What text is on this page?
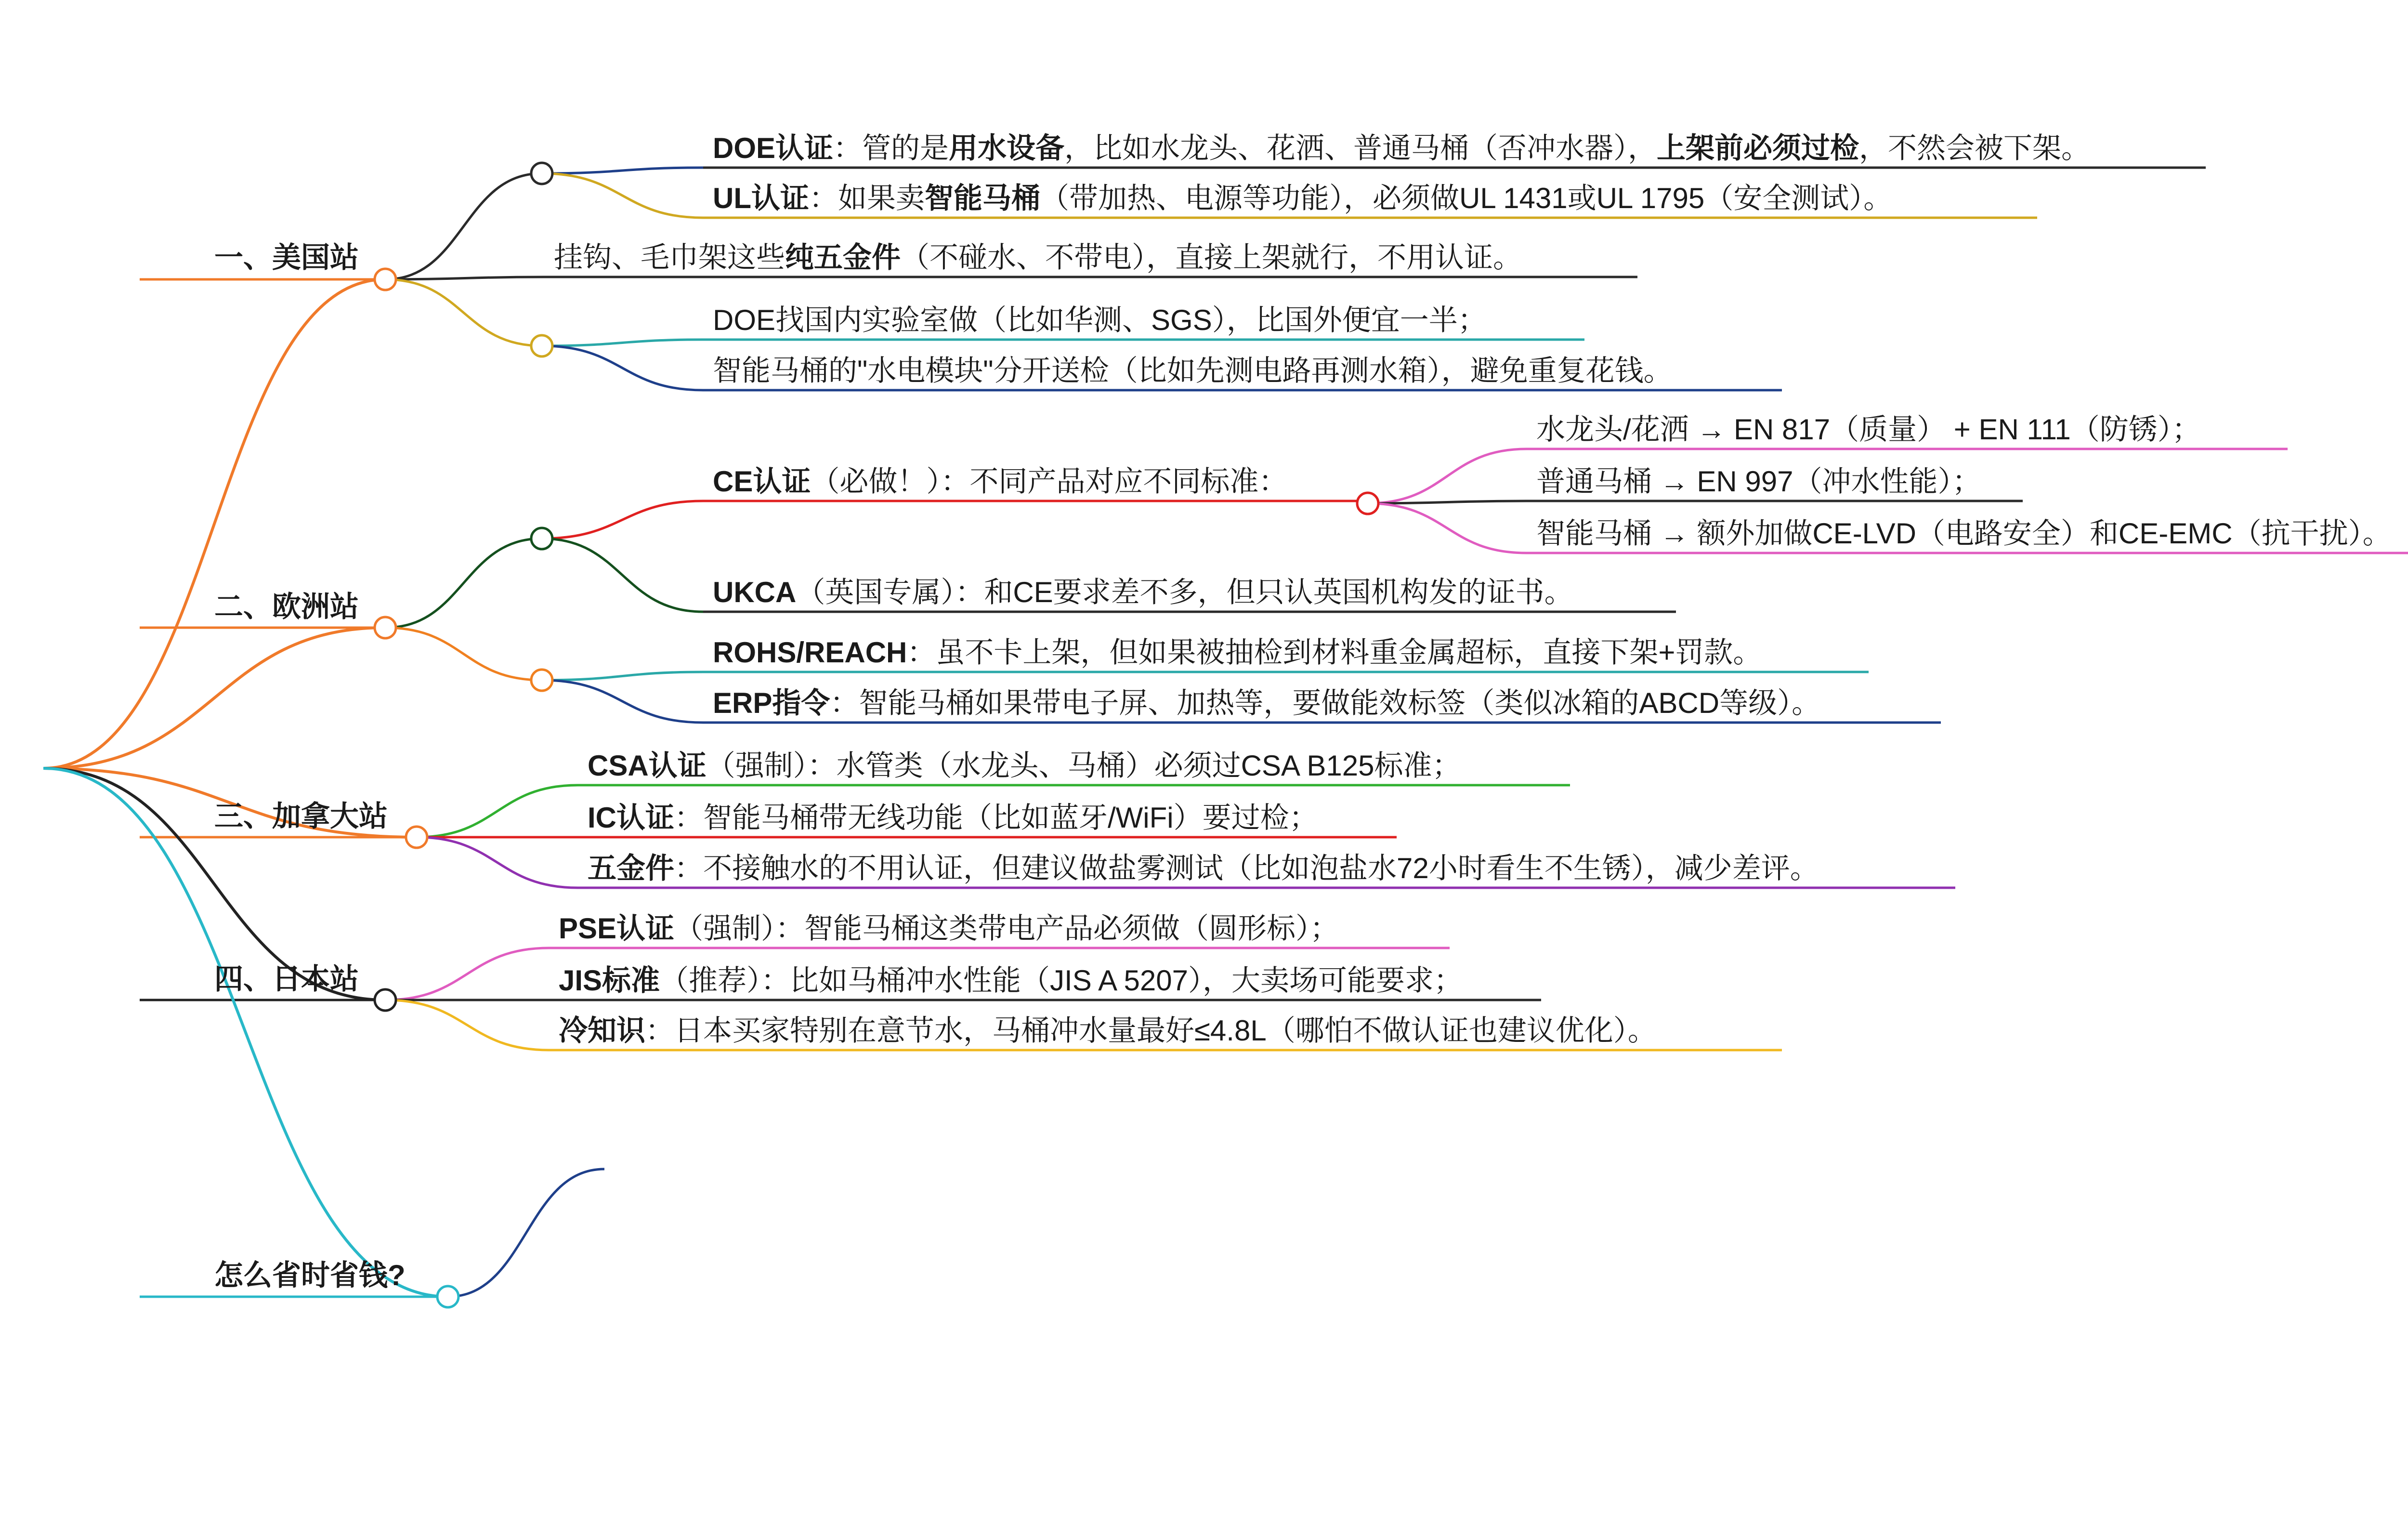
一、美国站
DOE认证：管的是用水设备，比如水龙头、花洒、普通马桶（否冲水器），上架前必须过检，不然会被下架。
UL认证：如果卖智能马桶（带加热、电源等功能），必须做UL 1431或UL 1795（安全测试）。
挂钩、毛巾架这些纯五金件（不碰水、不带电），直接上架就行，不用认证。
DOE找国内实验室做（比如华测、SGS），比国外便宜一半；
智能马桶的"水电模块"分开送检（比如先测电路再测水箱），避免重复花钱。
二、欧洲站
CE认证（必做！）：不同产品对应不同标准：
水龙头/花洒 → EN 817（质量） + EN 111（防锈）；
普通马桶 → EN 997（冲水性能）；
智能马桶 → 额外加做CE-LVD（电路安全）和CE-EMC（抗干扰）。
UKCA（英国专属）：和CE要求差不多，但只认英国机构发的证书。
ROHS/REACH：虽不卡上架，但如果被抽检到材料重金属超标，直接下架+罚款。
ERP指令：智能马桶如果带电子屏、加热等，要做能效标签（类似冰箱的ABCD等级）。
三、加拿大站
CSA认证（强制）：水管类（水龙头、马桶）必须过CSA B125标准；
IC认证：智能马桶带无线功能（比如蓝牙/WiFi）要过检；
五金件：不接触水的不用认证，但建议做盐雾测试（比如泡盐水72小时看生不生锈），减少差评。
四、日本站
PSE认证（强制）：智能马桶这类带电产品必须做（圆形标）；
JIS标准（推荐）：比如马桶冲水性能（JIS A 5207），大卖场可能要求；
冷知识：日本买家特别在意节水，马桶冲水量最好≤4.8L（哪怕不做认证也建议优化）。
怎么省时省钱?
